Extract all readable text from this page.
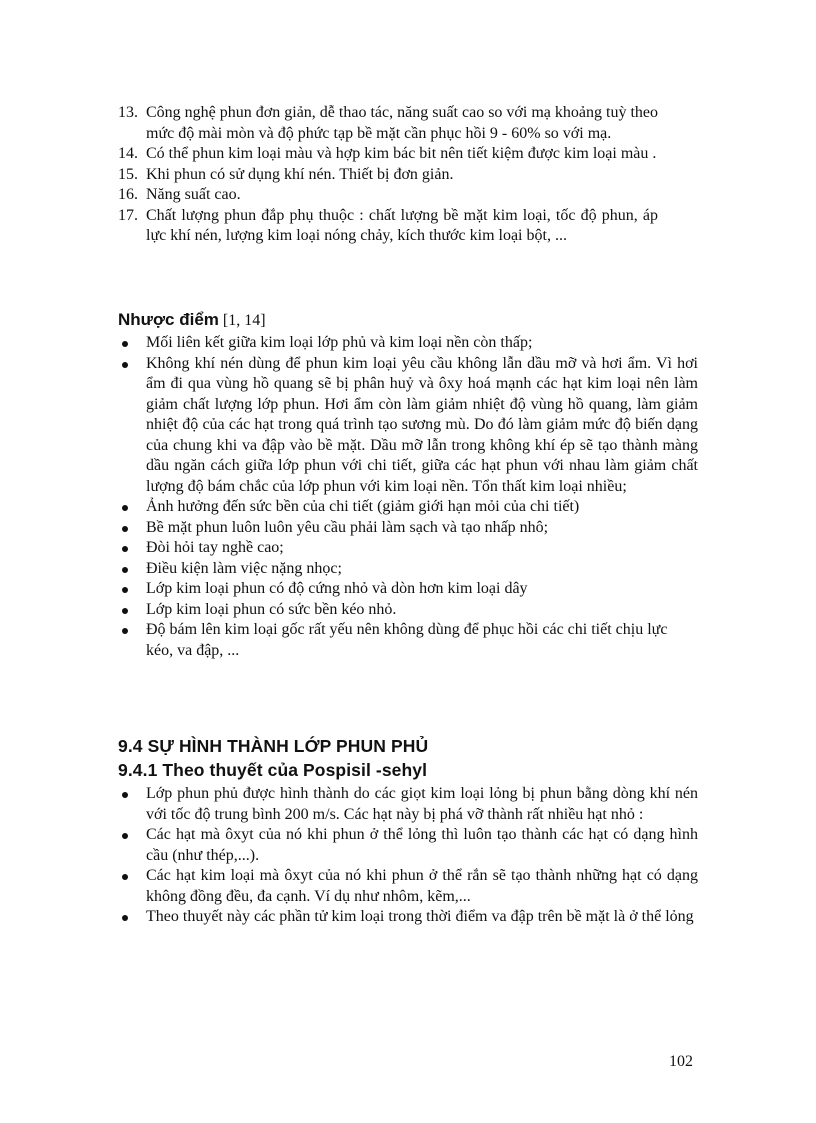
13. Công nghệ phun đơn giản, dễ thao tác, năng suất cao so với mạ khoảng tuỳ theo mức độ mài mòn và độ phức tạp bề mặt cần phục hồi 9 - 60% so với mạ.
14. Có thể phun kim loại màu và hợp kim bác bit nên tiết kiệm được kim loại màu .
15. Khi phun có sử dụng khí nén. Thiết bị đơn giản.
16. Năng suất cao.
17. Chất lượng phun đắp phụ thuộc : chất lượng bề mặt kim loại, tốc độ phun, áp lực khí nén, lượng kim loại nóng chảy, kích thước kim loại bột, ...
Nhược điểm [1, 14]
Mối liên kết giữa kim loại lớp phủ và kim loại nền còn thấp;
Không khí nén dùng để phun kim loại yêu cầu không lẫn dầu mỡ và hơi ẩm. Vì hơi ẩm đi qua vùng hồ quang sẽ bị phân huỷ và ôxy hoá mạnh các hạt kim loại nên làm giảm chất lượng lớp phun. Hơi ẩm còn làm giảm nhiệt độ vùng hồ quang, làm giảm nhiệt độ của các hạt trong quá trình tạo sương mù. Do đó làm giảm mức độ biến dạng của chung khi va đập vào bề mặt. Dầu mỡ lẫn trong không khí ép sẽ tạo thành màng dầu ngăn cách giữa lớp phun với chi tiết, giữa các hạt phun với nhau làm giảm chất lượng độ bám chắc của lớp phun với kim loại nền. Tổn thất kim loại nhiều;
Ảnh hưởng đến sức bền của chi tiết (giảm giới hạn mỏi của chi tiết)
Bề mặt phun luôn luôn yêu cầu phải làm sạch và tạo nhấp nhô;
Đòi hỏi tay nghề cao;
Điều kiện làm việc nặng nhọc;
Lớp kim loại phun có độ cứng nhỏ và dòn hơn kim loại dây
Lớp kim loại phun có sức bền kéo nhỏ.
Độ bám lên kim loại gốc rất yếu nên không dùng để phục hồi các chi tiết chịu lực kéo, va đập, ...
9.4 SỰ HÌNH THÀNH LỚP PHUN PHỦ
9.4.1 Theo thuyết của Pospisil -sehyl
Lớp phun phủ được hình thành do các giọt kim loại lỏng bị phun bằng dòng khí nén với tốc độ trung bình 200 m/s. Các hạt này bị phá vỡ thành rất nhiều hạt nhỏ :
Các hạt mà ôxyt của nó khi phun ở thể lỏng thì luôn tạo thành các hạt có dạng hình cầu (như thép,...).
Các hạt kim loại mà ôxyt của nó khi phun ở thể rắn sẽ tạo thành những hạt có dạng không đồng đều, đa cạnh. Ví dụ như nhôm, kẽm,...
Theo thuyết này các phần tử kim loại trong thời điểm va đập trên bề mặt là ở thể lỏng
102
